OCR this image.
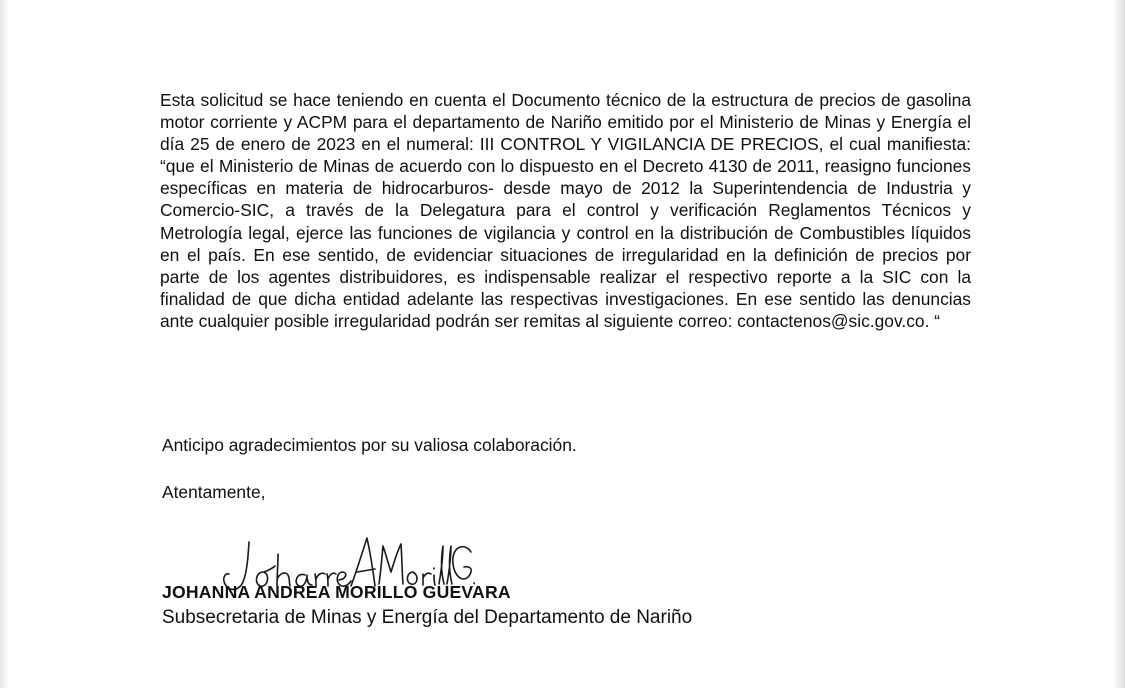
Esta solicitud se hace teniendo en cuenta el Documento técnico de la estructura de precios de gasolina motor corriente y ACPM para el departamento de Nariño emitido por el Ministerio de Minas y Energía el día 25 de enero de 2023 en el numeral: III CONTROL Y VIGILANCIA DE PRECIOS, el cual manifiesta: “que el Ministerio de Minas de acuerdo con lo dispuesto en el Decreto 4130 de 2011, reasigno funciones específicas en materia de hidrocarburos- desde mayo de 2012 la Superintendencia de Industria y Comercio-SIC, a través de la Delegatura para el control y verificación Reglamentos Técnicos y Metrología legal, ejerce las funciones de vigilancia y control en la distribución de Combustibles líquidos en el país. En ese sentido, de evidenciar situaciones de irregularidad en la definición de precios por parte de los agentes distribuidores, es indispensable realizar el respectivo reporte a la SIC con la finalidad de que dicha entidad adelante las respectivas investigaciones. En ese sentido las denuncias ante cualquier posible irregularidad podrán ser remitas al siguiente correo: contactenos@sic.gov.co. “

Anticipo agradecimientos por su valiosa colaboración.

Atentamente,

JOHANNA ANDREA MORILLO GUEVARA

Subsecretaria de Minas y Energía del Departamento de Nariño
